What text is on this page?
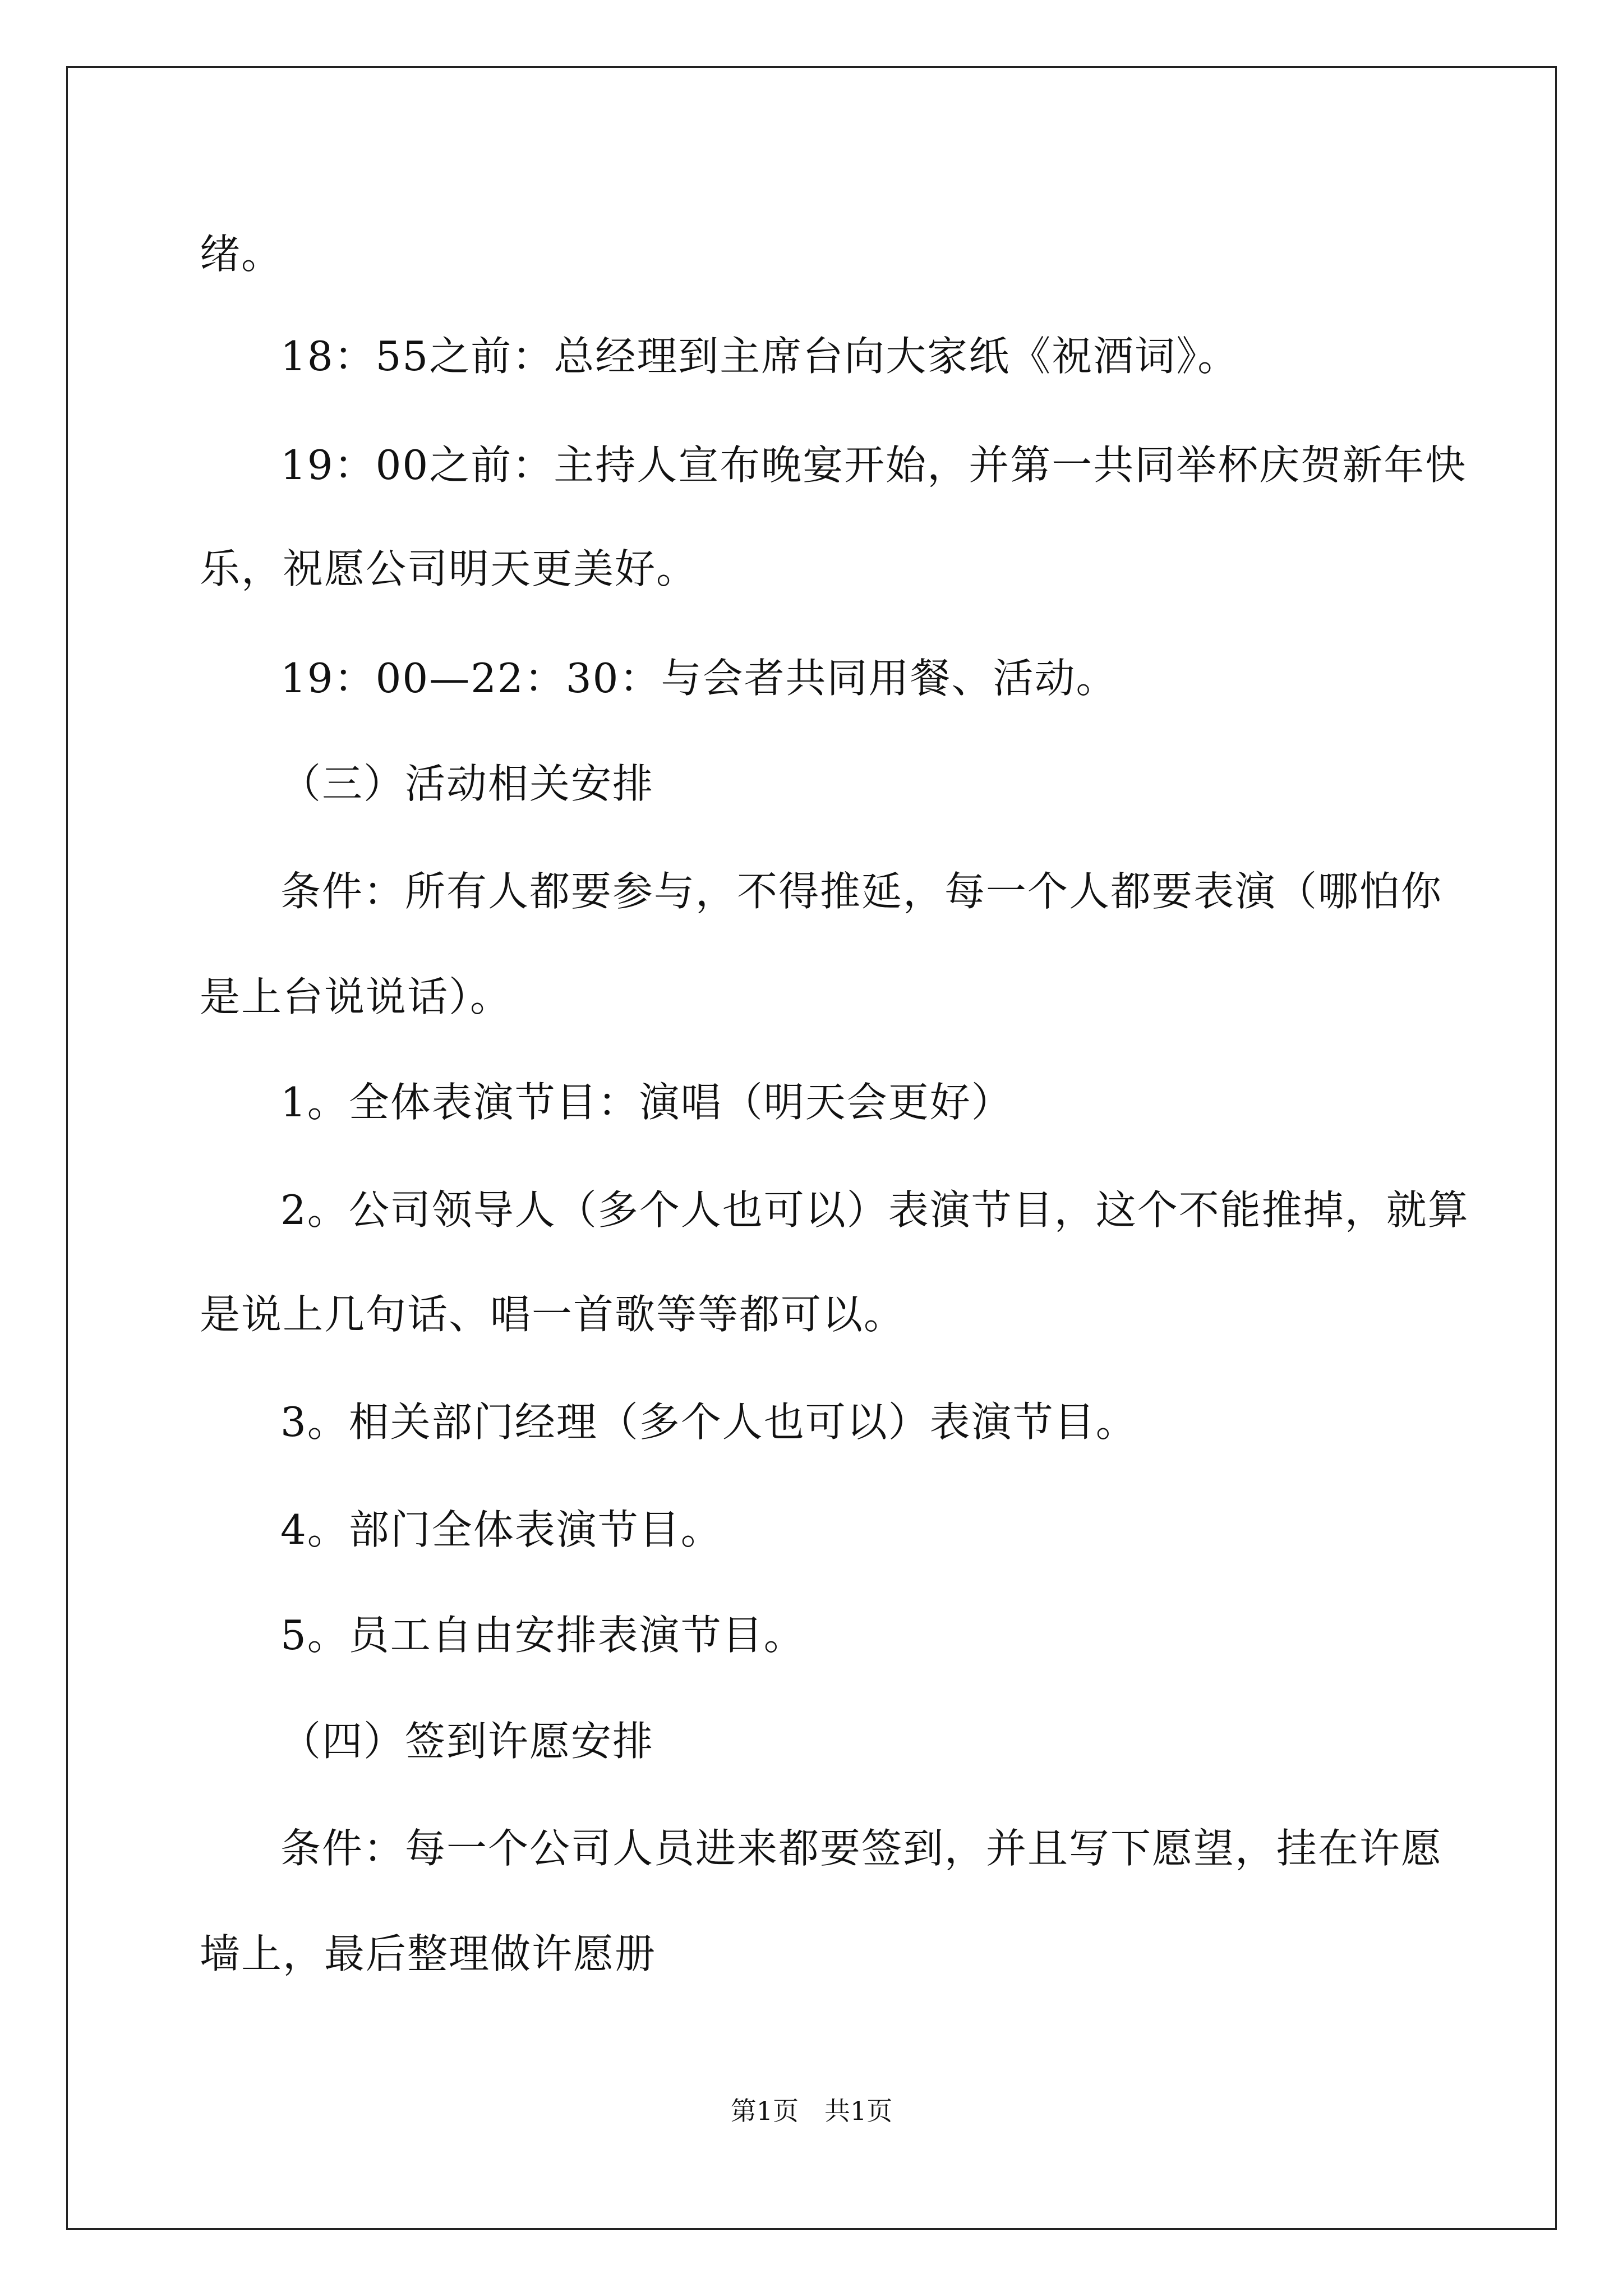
绪。
18：55之前：总经理到主席台向大家纸《祝酒词》。
19：00之前：主持人宣布晚宴开始，并第一共同举杯庆贺新年快
乐，祝愿公司明天更美好。
19：00—22：30：与会者共同用餐、活动。
（三）活动相关安排
条件：所有人都要参与，不得推延，每一个人都要表演（哪怕你
是上台说说话）。
1。全体表演节目：演唱（明天会更好）
2。公司领导人（多个人也可以）表演节目，这个不能推掉，就算
是说上几句话、唱一首歌等等都可以。
3。相关部门经理（多个人也可以）表演节目。
4。部门全体表演节目。
5。员工自由安排表演节目。
（四）签到许愿安排
条件：每一个公司人员进来都要签到，并且写下愿望，挂在许愿
墙上，最后整理做许愿册
第1页　共1页
